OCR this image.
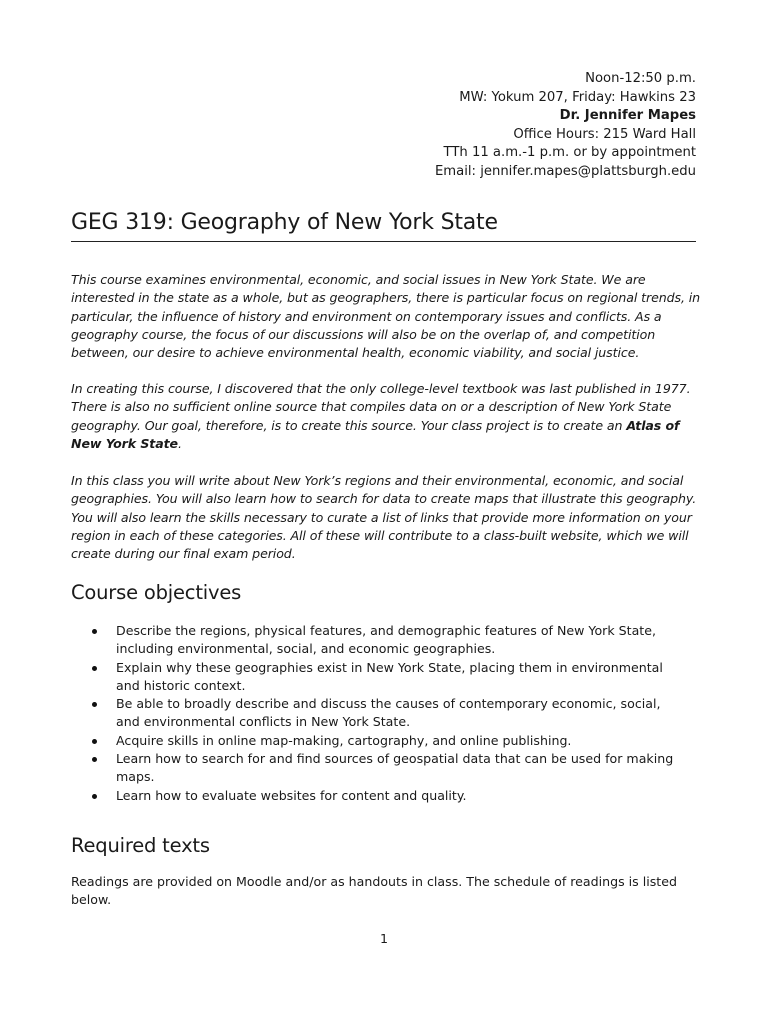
Noon-12:50 p.m.
MW: Yokum 207, Friday: Hawkins 23
Dr. Jennifer Mapes
Office Hours: 215 Ward Hall
TTh 11 a.m.-1 p.m. or by appointment
Email: jennifer.mapes@plattsburgh.edu
GEG 319: Geography of New York State

This course examines environmental, economic, and social issues in New York State. We are interested in the state as a whole, but as geographers, there is particular focus on regional trends, in particular, the influence of history and environment on contemporary issues and conflicts. As a geography course, the focus of our discussions will also be on the overlap of, and competition between, our desire to achieve environmental health, economic viability, and social justice.

In creating this course, I discovered that the only college-level textbook was last published in 1977. There is also no sufficient online source that compiles data on or a description of New York State geography. Our goal, therefore, is to create this source. Your class project is to create an Atlas of New York State.

In this class you will write about New York’s regions and their environmental, economic, and social geographies. You will also learn how to search for data to create maps that illustrate this geography. You will also learn the skills necessary to curate a list of links that provide more information on your region in each of these categories. All of these will contribute to a class-built website, which we will create during our final exam period.

Course objectives
Describe the regions, physical features, and demographic features of New York State, including environmental, social, and economic geographies.
Explain why these geographies exist in New York State, placing them in environmental and historic context.
Be able to broadly describe and discuss the causes of contemporary economic, social, and environmental conflicts in New York State.
Acquire skills in online map-making, cartography, and online publishing.
Learn how to search for and find sources of geospatial data that can be used for making maps.
Learn how to evaluate websites for content and quality.
Required texts

Readings are provided on Moodle and/or as handouts in class. The schedule of readings is listed below.

1
